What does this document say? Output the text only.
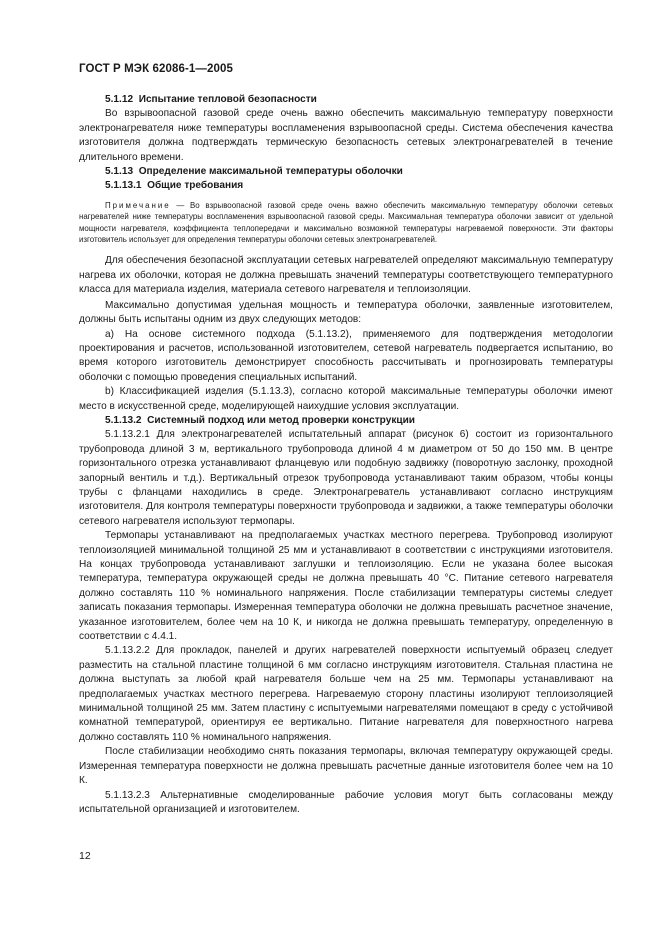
ГОСТ Р МЭК 62086-1—2005

5.1.12 Испытание тепловой безопасности

Во взрывоопасной газовой среде очень важно обеспечить максимальную температуру поверхности электронагревателя ниже температуры воспламенения взрывоопасной среды. Система обеспечения качества изготовителя должна подтверждать термическую безопасность сетевых электронагревателей в течение длительного времени.

5.1.13 Определение максимальной температуры оболочки

5.1.13.1 Общие требования

Примечание — Во взрывоопасной газовой среде очень важно обеспечить максимальную температуру оболочки сетевых нагревателей ниже температуры воспламенения взрывоопасной газовой среды. Максимальная температура оболочки зависит от удельной мощности нагревателя, коэффициента теплопередачи и максимально возможной температуры нагреваемой поверхности. Эти факторы изготовитель использует для определения температуры оболочки сетевых электронагревателей.

Для обеспечения безопасной эксплуатации сетевых нагревателей определяют максимальную температуру нагрева их оболочки, которая не должна превышать значений температуры соответствующего температурного класса для материала изделия, материала сетевого нагревателя и теплоизоляции.

Максимально допустимая удельная мощность и температура оболочки, заявленные изготовителем, должны быть испытаны одним из двух следующих методов:

а) На основе системного подхода (5.1.13.2), применяемого для подтверждения методологии проектирования и расчетов, использованной изготовителем, сетевой нагреватель подвергается испытанию, во время которого изготовитель демонстрирует способность рассчитывать и прогнозировать температуры оболочки с помощью проведения специальных испытаний.

b) Классификацией изделия (5.1.13.3), согласно которой максимальные температуры оболочки имеют место в искусственной среде, моделирующей наихудшие условия эксплуатации.

5.1.13.2 Системный подход или метод проверки конструкции

5.1.13.2.1 Для электронагревателей испытательный аппарат (рисунок 6) состоит из горизонтального трубопровода длиной 3 м, вертикального трубопровода длиной 4 м диаметром от 50 до 150 мм. В центре горизонтального отрезка устанавливают фланцевую или подобную задвижку (поворотную заслонку, проходной запорный вентиль и т.д.). Вертикальный отрезок трубопровода устанавливают таким образом, чтобы концы трубы с фланцами находились в среде. Электронагреватель устанавливают согласно инструкциям изготовителя. Для контроля температуры поверхности трубопровода и задвижки, а также температуры оболочки сетевого нагревателя используют термопары.

Термопары устанавливают на предполагаемых участках местного перегрева. Трубопровод изолируют теплоизоляцией минимальной толщиной 25 мм и устанавливают в соответствии с инструкциями изготовителя. На концах трубопровода устанавливают заглушки и теплоизоляцию. Если не указана более высокая температура, температура окружающей среды не должна превышать 40 °С. Питание сетевого нагревателя должно составлять 110 % номинального напряжения. После стабилизации температуры системы следует записать показания термопары. Измеренная температура оболочки не должна превышать расчетное значение, указанное изготовителем, более чем на 10 К, и никогда не должна превышать температуру, определенную в соответствии с 4.4.1.

5.1.13.2.2 Для прокладок, панелей и других нагревателей поверхности испытуемый образец следует разместить на стальной пластине толщиной 6 мм согласно инструкциям изготовителя. Стальная пластина не должна выступать за любой край нагревателя больше чем на 25 мм. Термопары устанавливают на предполагаемых участках местного перегрева. Нагреваемую сторону пластины изолируют теплоизоляцией минимальной толщиной 25 мм. Затем пластину с испытуемыми нагревателями помещают в среду с устойчивой комнатной температурой, ориентируя ее вертикально. Питание нагревателя для поверхностного нагрева должно составлять 110 % номинального напряжения.

После стабилизации необходимо снять показания термопары, включая температуру окружающей среды. Измеренная температура поверхности не должна превышать расчетные данные изготовителя более чем на 10 К.

5.1.13.2.3 Альтернативные смоделированные рабочие условия могут быть согласованы между испытательной организацией и изготовителем.

12
